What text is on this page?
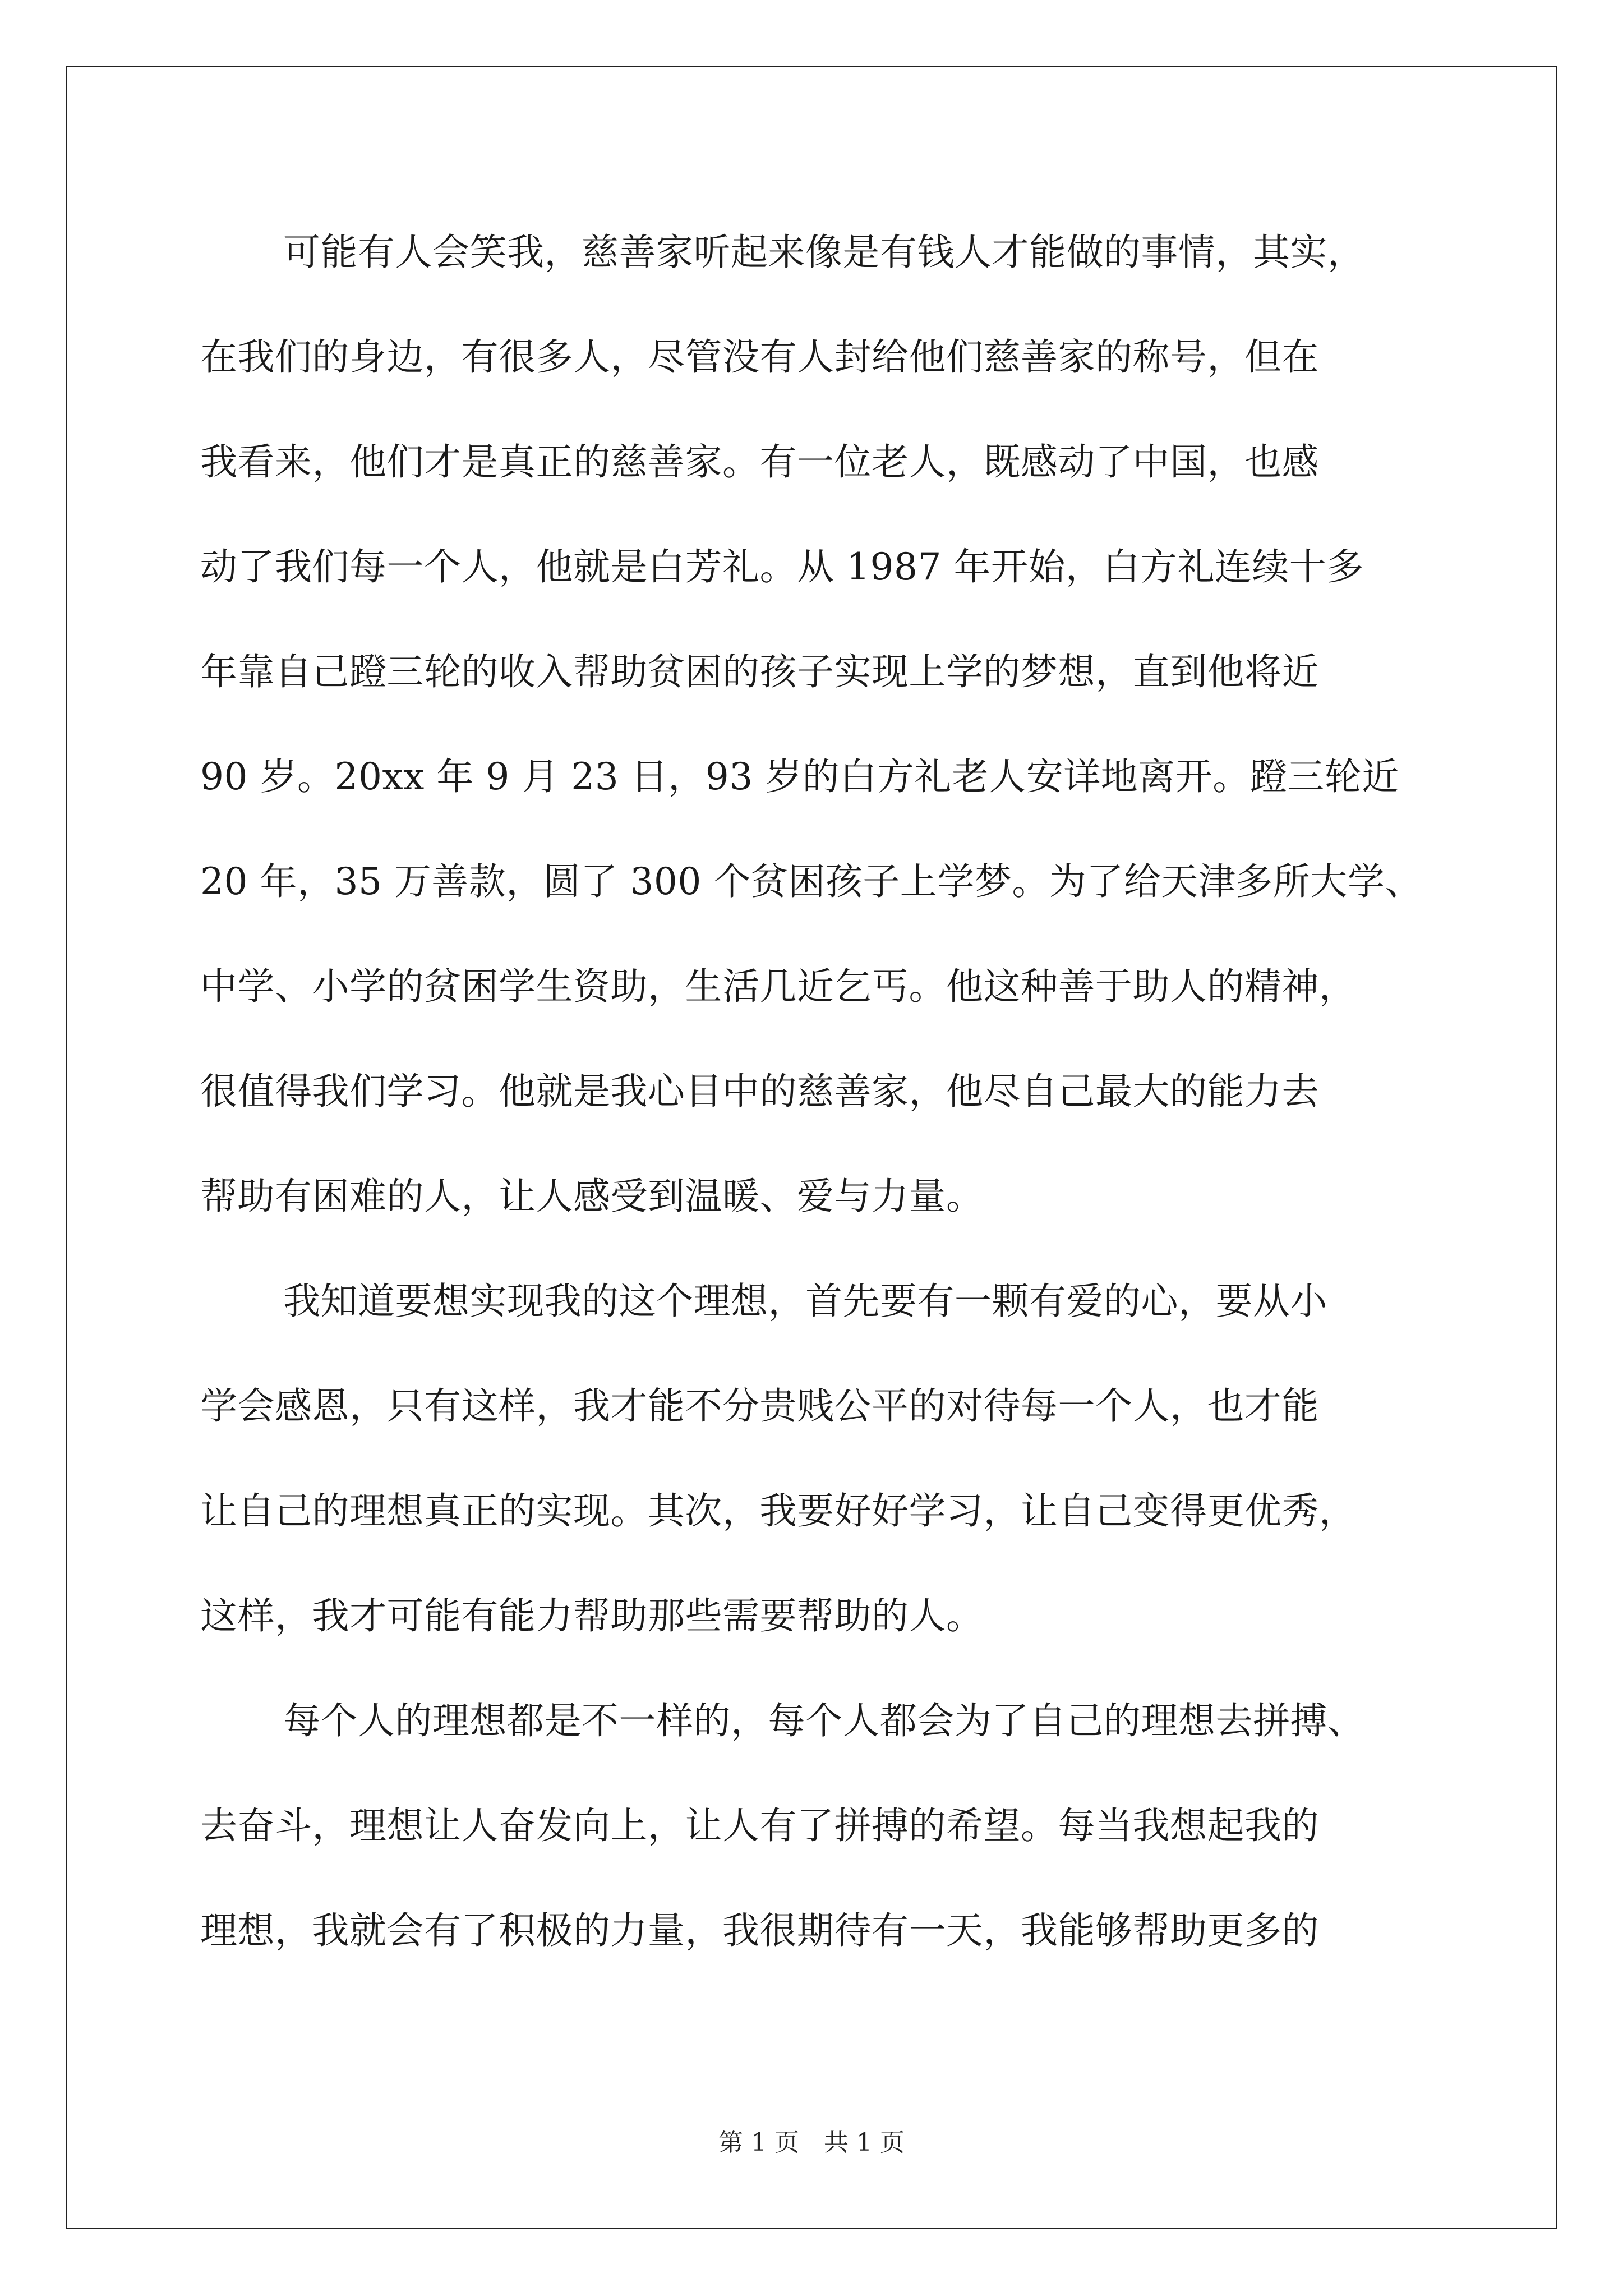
可能有人会笑我，慈善家听起来像是有钱人才能做的事情，其实，
在我们的身边，有很多人，尽管没有人封给他们慈善家的称号，但在
我看来，他们才是真正的慈善家。有一位老人，既感动了中国，也感
动了我们每一个人，他就是白芳礼。从 1987 年开始，白方礼连续十多
年靠自己蹬三轮的收入帮助贫困的孩子实现上学的梦想，直到他将近
90 岁。20xx 年 9 月 23 日，93 岁的白方礼老人安详地离开。蹬三轮近
20 年，35 万善款，圆了 300 个贫困孩子上学梦。为了给天津多所大学、
中学、小学的贫困学生资助，生活几近乞丐。他这种善于助人的精神，
很值得我们学习。他就是我心目中的慈善家，他尽自己最大的能力去
帮助有困难的人，让人感受到温暖、爱与力量。
我知道要想实现我的这个理想，首先要有一颗有爱的心，要从小
学会感恩，只有这样，我才能不分贵贱公平的对待每一个人，也才能
让自己的理想真正的实现。其次，我要好好学习，让自己变得更优秀，
这样，我才可能有能力帮助那些需要帮助的人。
每个人的理想都是不一样的，每个人都会为了自己的理想去拼搏、
去奋斗，理想让人奋发向上，让人有了拼搏的希望。每当我想起我的
理想，我就会有了积极的力量，我很期待有一天，我能够帮助更多的
第 1 页　共 1 页
